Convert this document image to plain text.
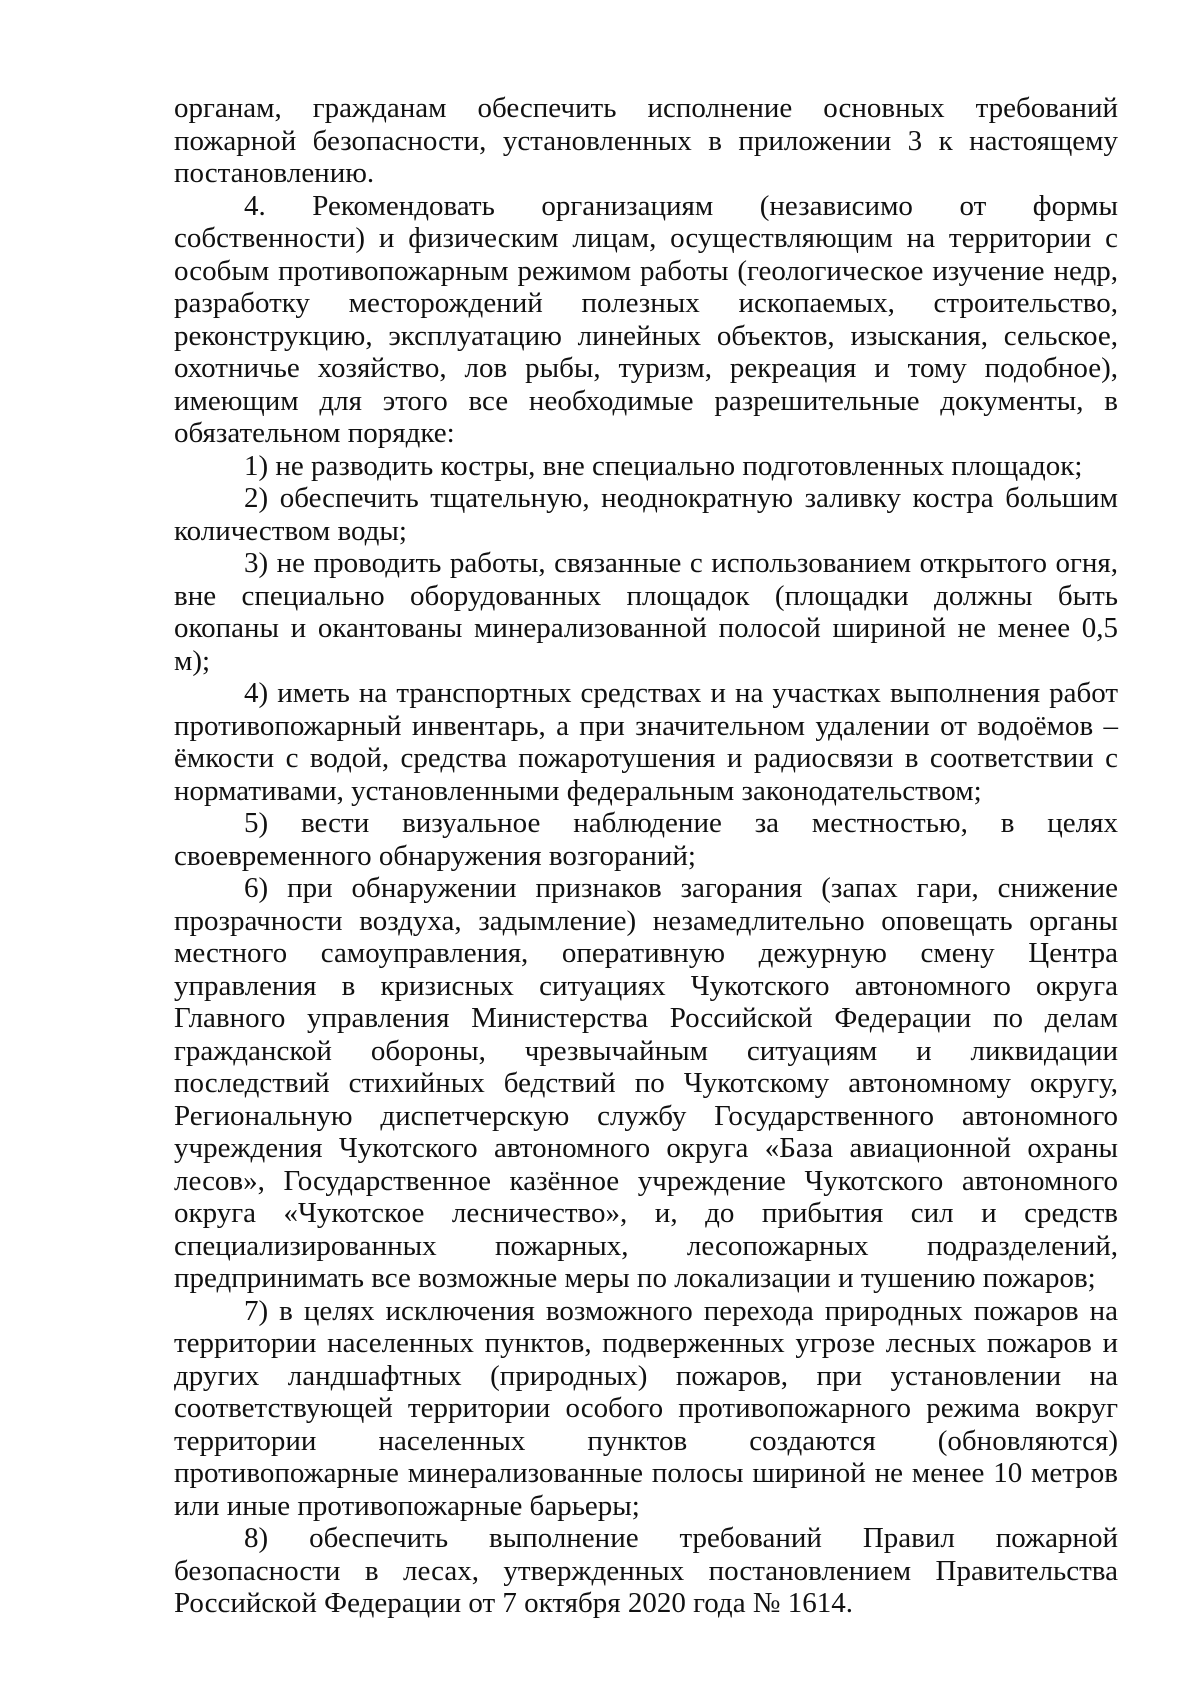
органам, гражданам обеспечить исполнение основных требований пожарной безопасности, установленных в приложении 3 к настоящему постановлению.

4. Рекомендовать организациям (независимо от формы собственности) и физическим лицам, осуществляющим на территории с особым противопожарным режимом работы (геологическое изучение недр, разработку месторождений полезных ископаемых, строительство, реконструкцию, эксплуатацию линейных объектов, изыскания, сельское, охотничье хозяйство, лов рыбы, туризм, рекреация и тому подобное), имеющим для этого все необходимые разрешительные документы, в обязательном порядке:

1) не разводить костры, вне специально подготовленных площадок;

2) обеспечить тщательную, неоднократную заливку костра большим количеством воды;

3) не проводить работы, связанные с использованием открытого огня, вне специально оборудованных площадок (площадки должны быть окопаны и окантованы минерализованной полосой шириной не менее 0,5 м);

4) иметь на транспортных средствах и на участках выполнения работ противопожарный инвентарь, а при значительном удалении от водоёмов – ёмкости с водой, средства пожаротушения и радиосвязи в соответствии с нормативами, установленными федеральным законодательством;

5) вести визуальное наблюдение за местностью, в целях своевременного обнаружения возгораний;

6) при обнаружении признаков загорания (запах гари, снижение прозрачности воздуха, задымление) незамедлительно оповещать органы местного самоуправления, оперативную дежурную смену Центра управления в кризисных ситуациях Чукотского автономного округа Главного управления Министерства Российской Федерации по делам гражданской обороны, чрезвычайным ситуациям и ликвидации последствий стихийных бедствий по Чукотскому автономному округу, Региональную диспетчерскую службу Государственного автономного учреждения Чукотского автономного округа «База авиационной охраны лесов», Государственное казённое учреждение Чукотского автономного округа «Чукотское лесничество», и, до прибытия сил и средств специализированных пожарных, лесопожарных подразделений, предпринимать все возможные меры по локализации и тушению пожаров;

7) в целях исключения возможного перехода природных пожаров на территории населенных пунктов, подверженных угрозе лесных пожаров и других ландшафтных (природных) пожаров, при установлении на соответствующей территории особого противопожарного режима вокруг территории населенных пунктов создаются (обновляются) противопожарные минерализованные полосы шириной не менее 10 метров или иные противопожарные барьеры;

8) обеспечить выполнение требований Правил пожарной безопасности в лесах, утвержденных постановлением Правительства Российской Федерации от 7 октября 2020 года № 1614.
